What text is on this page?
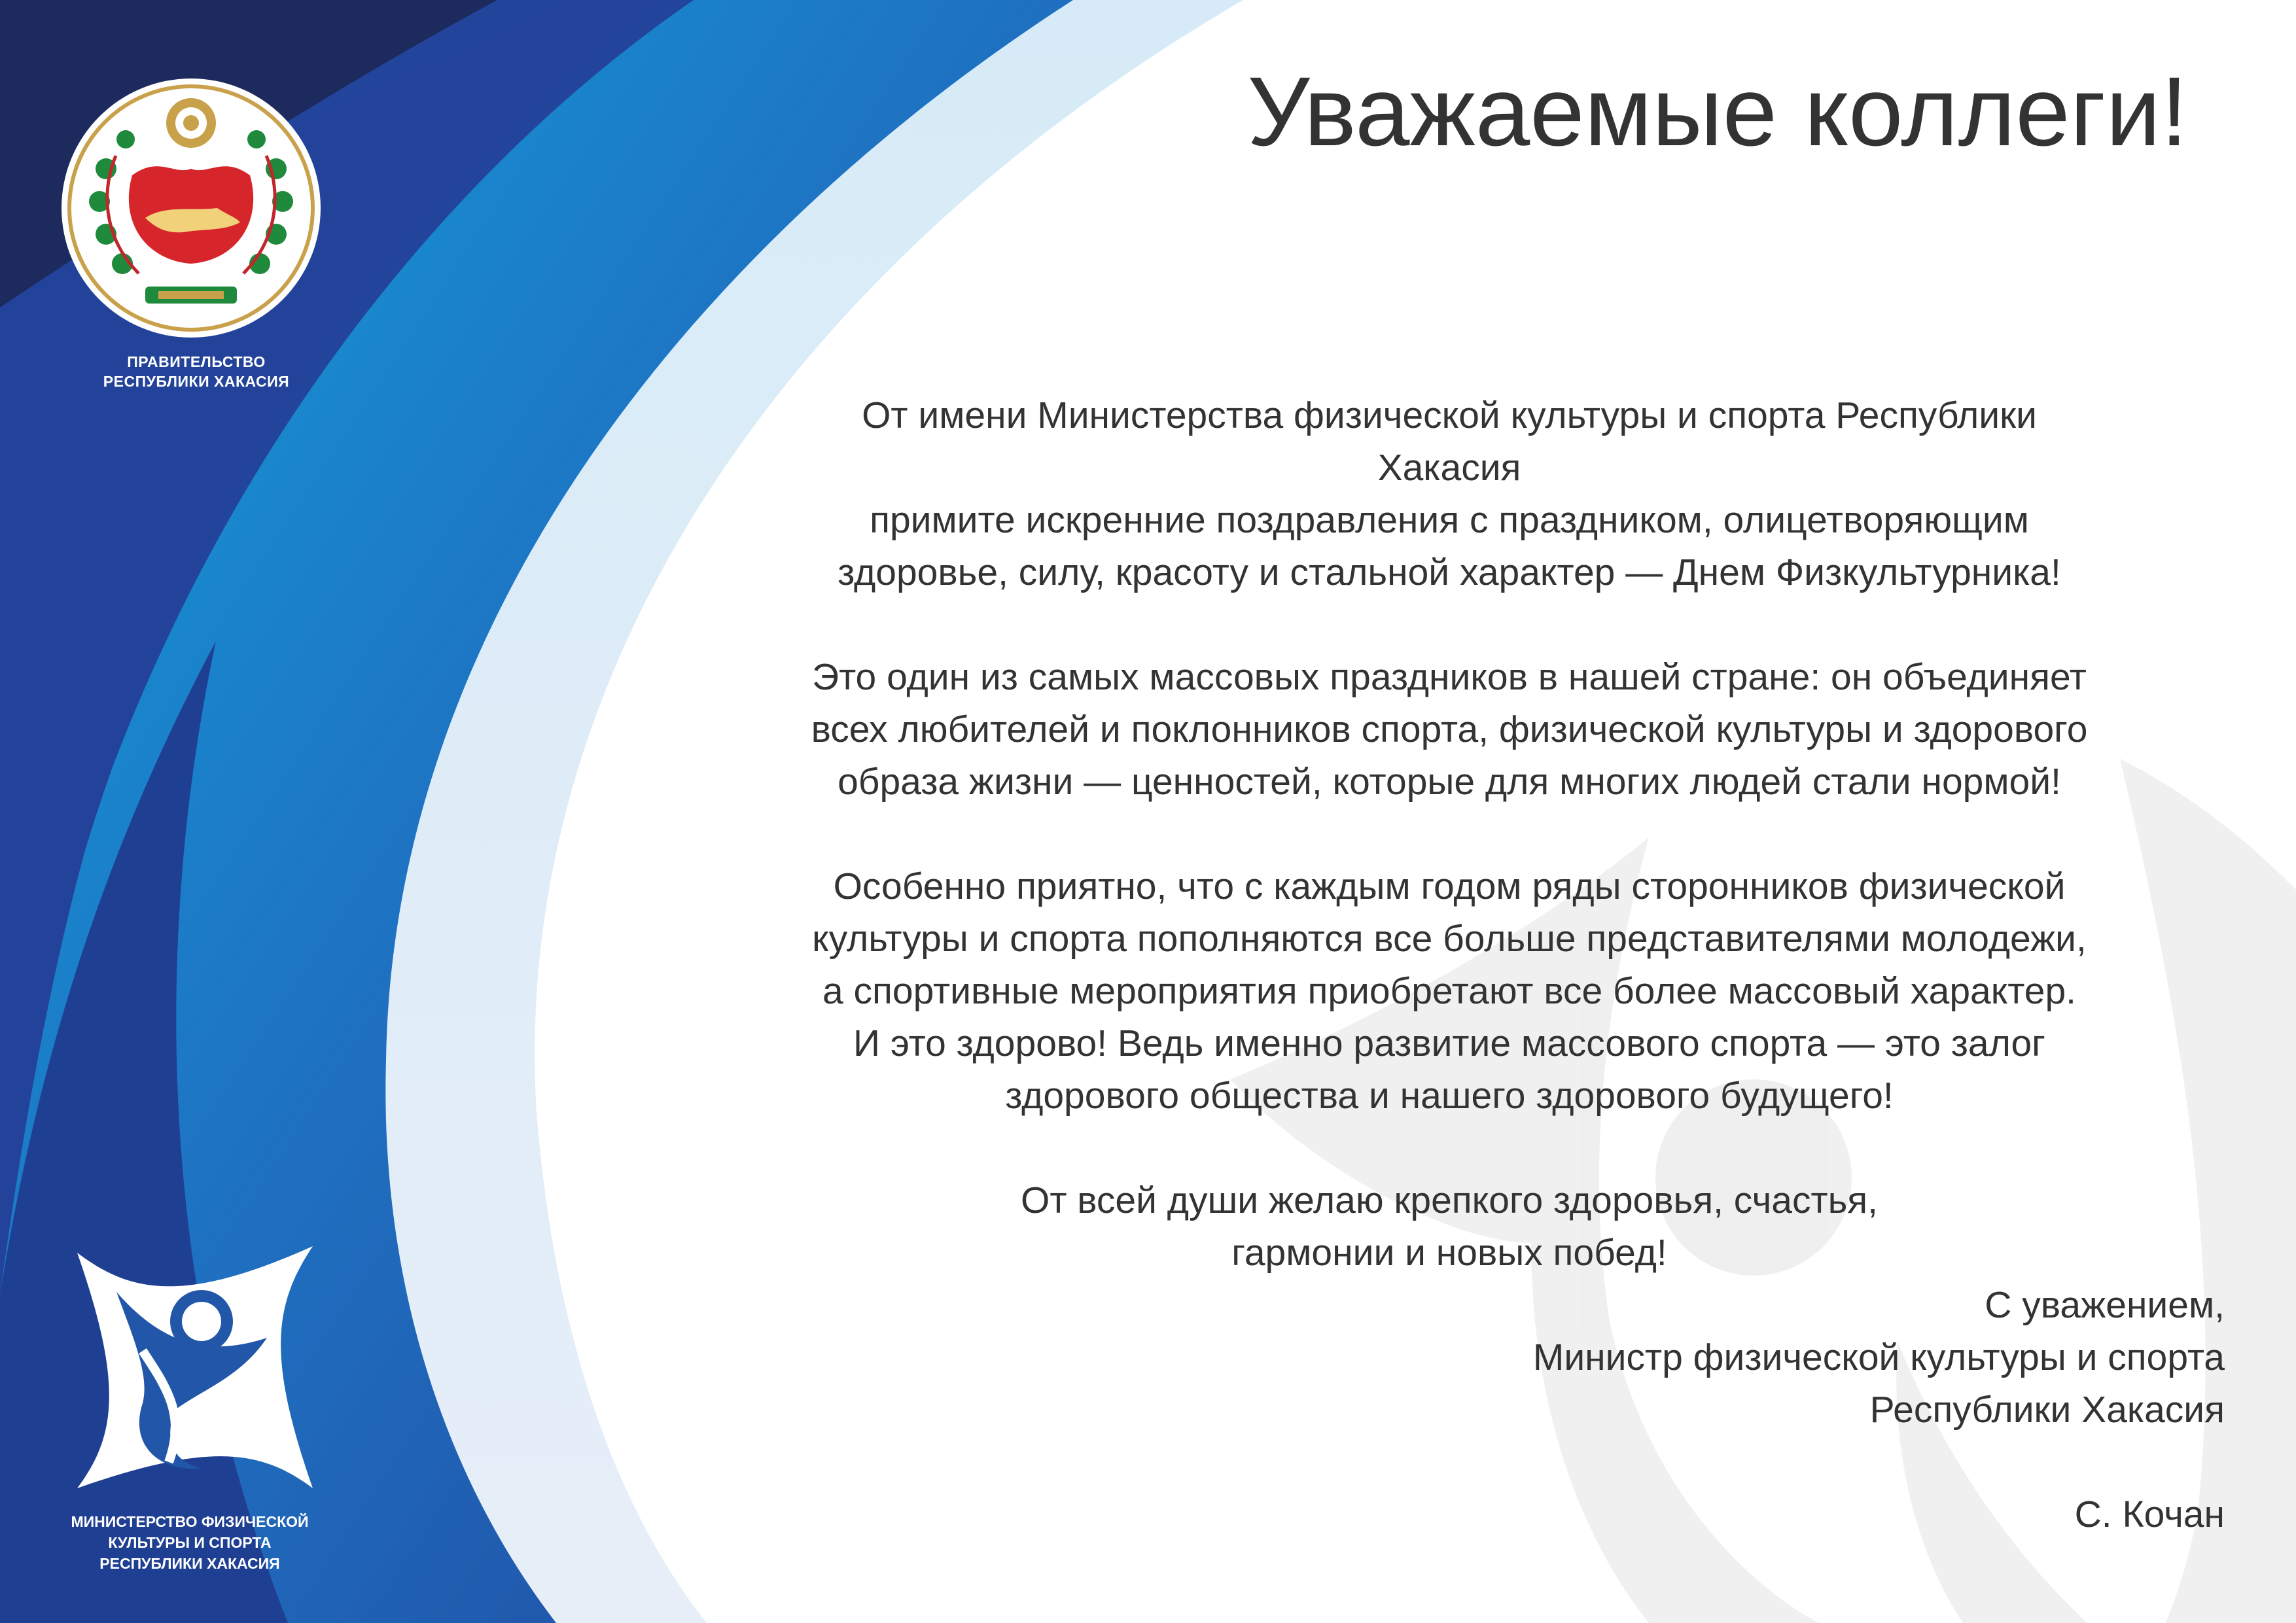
ПРАВИТЕЛЬСТВО
РЕСПУБЛИКИ ХАКАСИЯ
МИНИСТЕРСТВО ФИЗИЧЕСКОЙ
КУЛЬТУРЫ И СПОРТА
РЕСПУБЛИКИ ХАКАСИЯ
Уважаемые коллеги!

От имени Министерства физической культуры и спорта Республики Хакасия
примите искренние поздравления с праздником, олицетворяющим
здоровье, силу, красоту и стальной характер — Днем Физкультурника!

Это один из самых массовых праздников в нашей стране: он объединяет
всех любителей и поклонников спорта, физической культуры и здорового
образа жизни — ценностей, которые для многих людей стали нормой!

Особенно приятно, что с каждым годом ряды сторонников физической
культуры и спорта пополняются все больше представителями молодежи,
а спортивные мероприятия приобретают все более массовый характер.
И это здорово! Ведь именно развитие массового спорта — это залог
здорового общества и нашего здорового будущего!

От всей души желаю крепкого здоровья, счастья,
гармонии и новых побед!

С уважением,
Министр физической культуры и спорта
Республики Хакасия
С. Кочан
